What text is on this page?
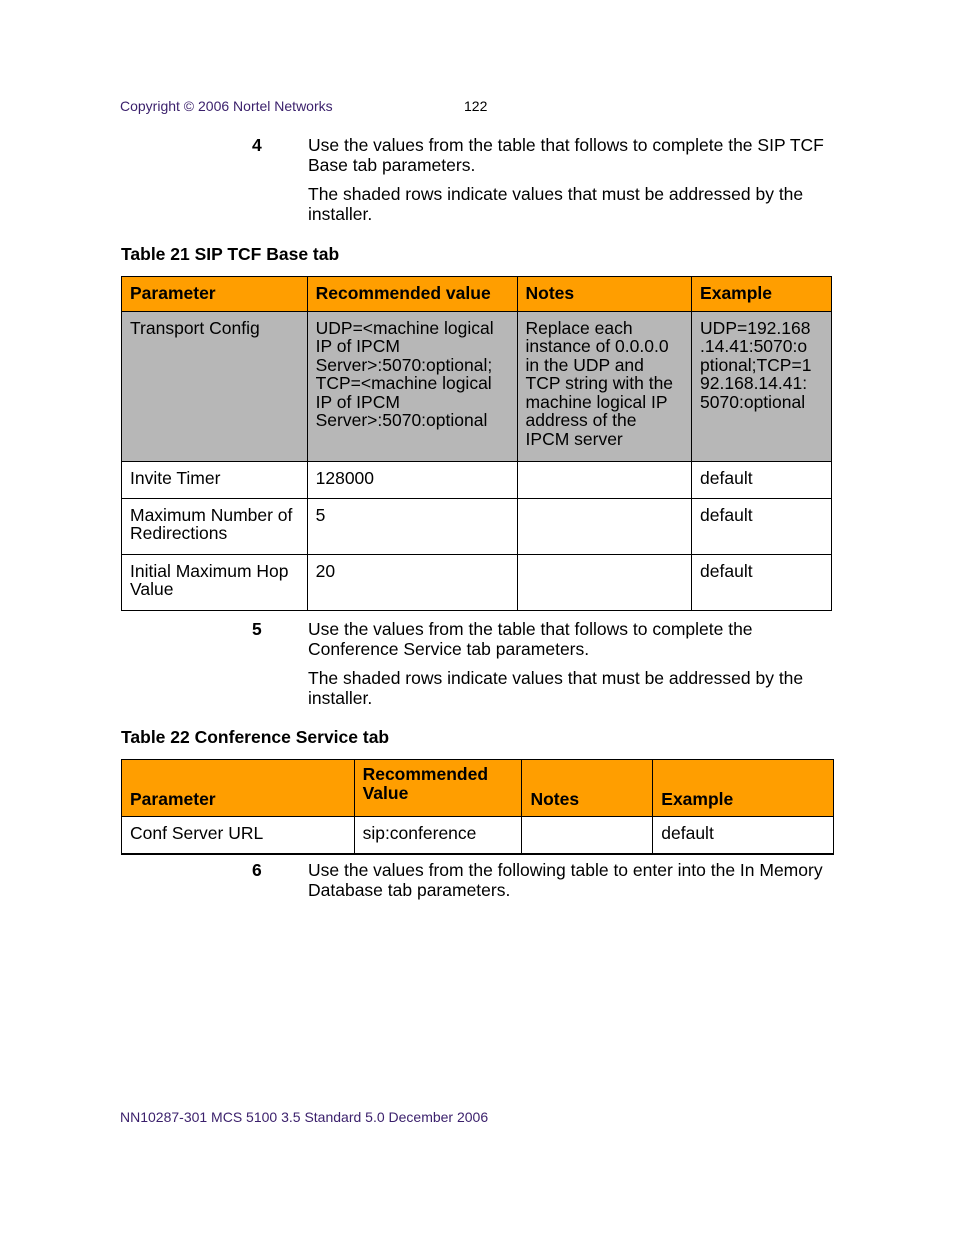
Copyright © 2006 Nortel Networks	122
4	Use the values from the table that follows to complete the SIP TCF Base tab parameters.

The shaded rows indicate values that must be addressed by the installer.

Table 21 SIP TCF Base tab
Parameter	Recommended value	Notes	Example
Transport Config	UDP=<machine logical IP of IPCM Server>:5070:optional; TCP=<machine logical IP of IPCM Server>:5070:optional	Replace each instance of 0.0.0.0 in the UDP and TCP string with the machine logical IP address of the IPCM server	UDP=192.168 .14.41:5070:o ptional;TCP=1 92.168.14.41: 5070:optional
Invite Timer	128000		default
Maximum Number of Redirections	5		default
Initial Maximum Hop Value	20		default
5	Use the values from the table that follows to complete the Conference Service tab parameters.

The shaded rows indicate values that must be addressed by the installer.

Table 22 Conference Service tab
Parameter	Recommended Value	Notes	Example
Conf Server URL	sip:conference		default
6	Use the values from the following table to enter into the In Memory Database tab parameters.

NN10287-301 MCS 5100 3.5 Standard 5.0 December 2006
